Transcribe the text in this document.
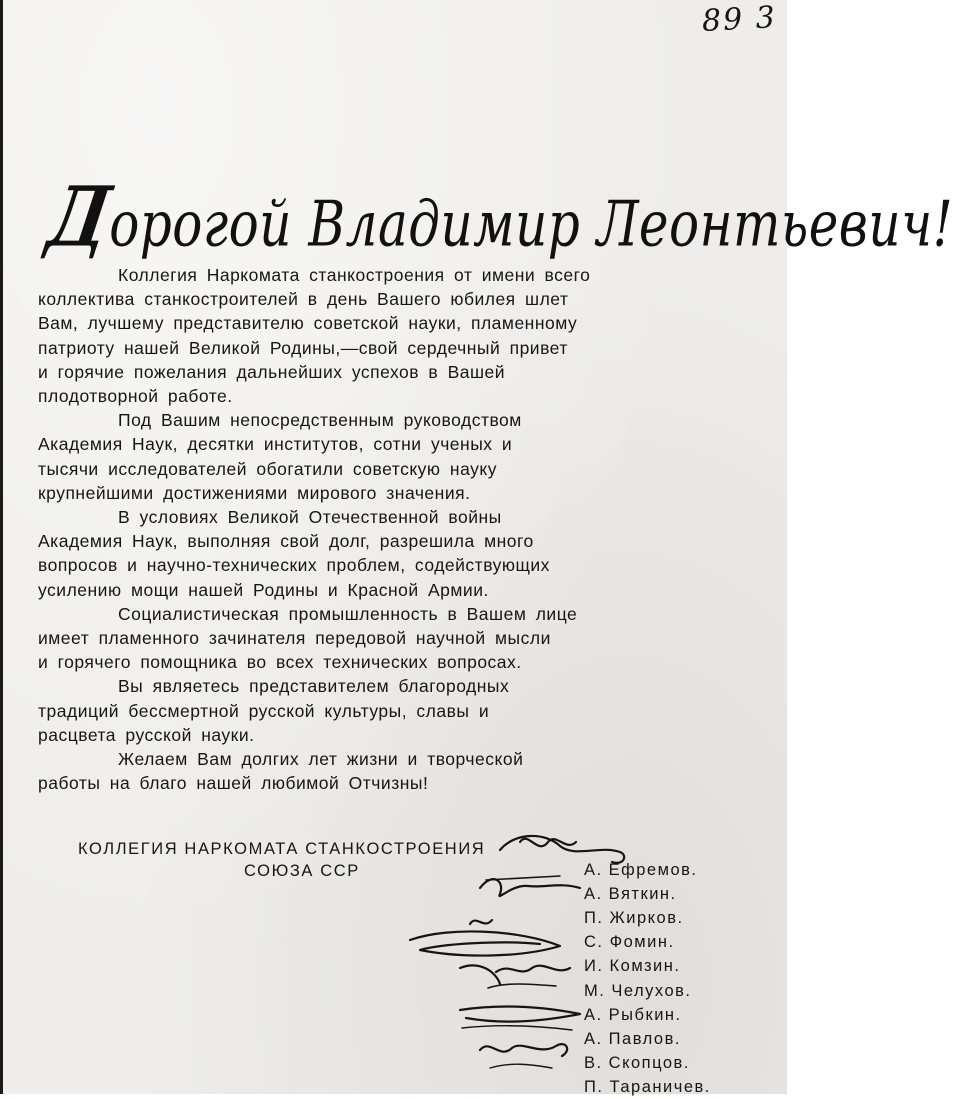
89 3
Дорогой Владимир Леонтьевич!
Коллегия Наркомата станкостроения от имени всего
коллектива станкостроителей в день Вашего юбилея шлет
Вам, лучшему представителю советской науки, пламенному
патриоту нашей Великой Родины,—свой сердечный привет
и горячие пожелания дальнейших успехов в Вашей
плодотворной работе.
Под Вашим непосредственным руководством
Академия Наук, десятки институтов, сотни ученых и
тысячи исследователей обогатили советскую науку
крупнейшими достижениями мирового значения.
В условиях Великой Отечественной войны
Академия Наук, выполняя свой долг, разрешила много
вопросов и научно-технических проблем, содействующих
усилению мощи нашей Родины и Красной Армии.
Социалистическая промышленность в Вашем лице
имеет пламенного зачинателя передовой научной мысли
и горячего помощника во всех технических вопросах.
Вы являетесь представителем благородных
традиций бессмертной русской культуры, славы и
расцвета русской науки.
Желаем Вам долгих лет жизни и творческой
работы на благо нашей любимой Отчизны!
КОЛЛЕГИЯ НАРКОМАТА СТАНКОСТРОЕНИЯ
СОЮЗА ССР	А. Ефремов.
А. Вяткин.
П. Жирков.
С. Фомин.
И. Комзин.
М. Челухов.
А. Рыбкин.
А. Павлов.
В. Скопцов.
П. Тараничев.
